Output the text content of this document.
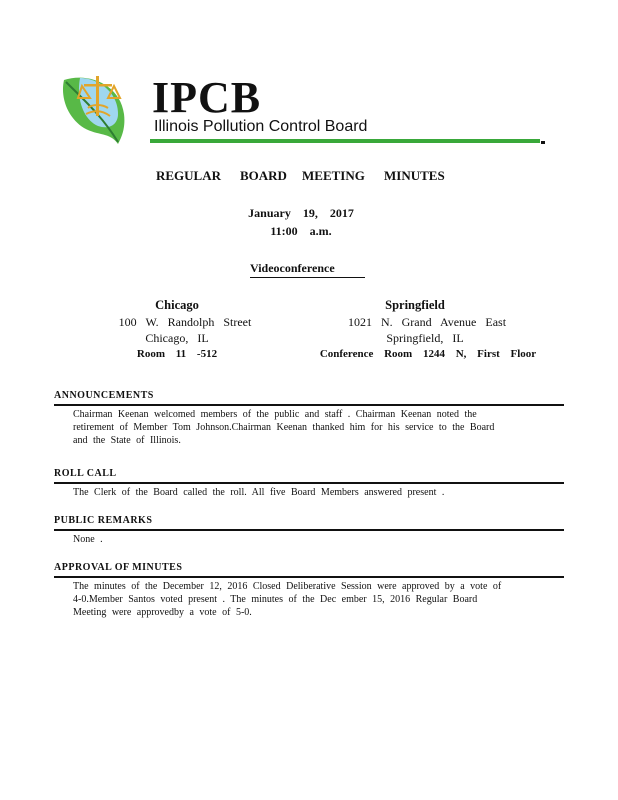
IPCB
Illinois Pollution Control Board
REGULAR BOARD MEETING MINUTES
January 19, 2017
11:00 a.m.
Videoconference
Chicago
100 W. Randolph Street
Chicago, IL
Room 11 -512
Springfield
1021 N. Grand Avenue East
Springfield, IL
Conference Room 1244 N, First Floor
ANNOUNCEMENTS

Chairman Keenan welcomed members of the public and staff . Chairman Keenan noted the

retirement of Member Tom Johnson.Chairman Keenan thanked him for his service to the Board

and the State of Illinois.

ROLL CALL

The Clerk of the Board called the roll. All five Board Members answered present .

PUBLIC REMARKS

None .

APPROVAL OF MINUTES

The minutes of the December 12, 2016 Closed Deliberative Session were approved by a vote of

4-0.Member Santos voted present . The minutes of the Dec ember 15, 2016 Regular Board

Meeting were approvedby a vote of 5-0.
